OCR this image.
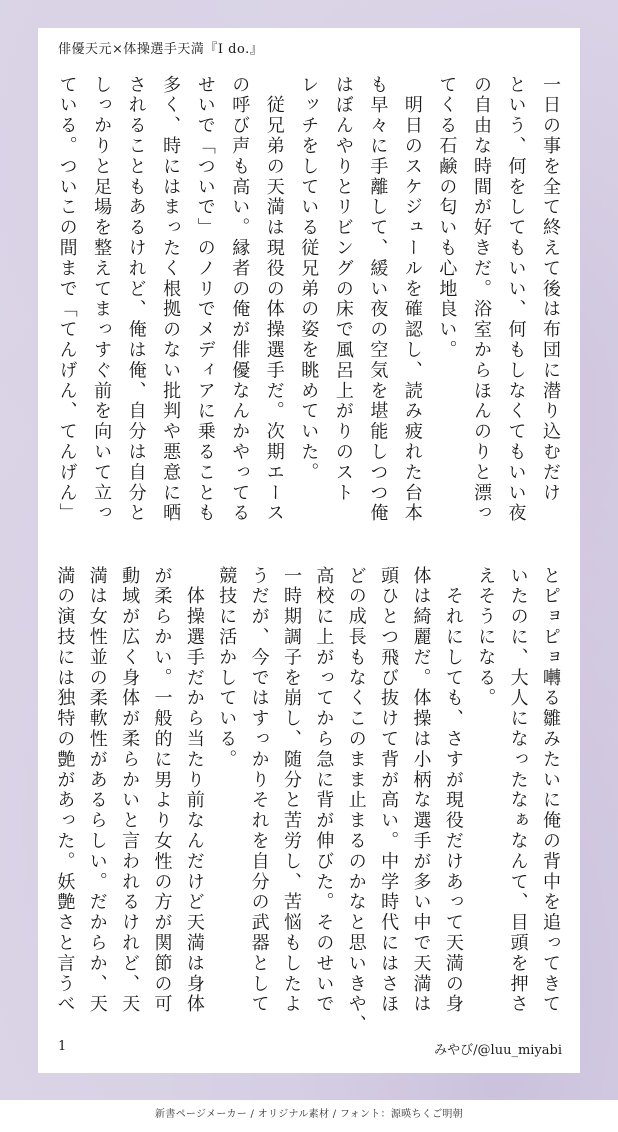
俳優天元×体操選手天満『I do.』
一日の事を全て終えて後は布団に潜り込むだけ
という、何をしてもいい、何もしなくてもいい夜
の自由な時間が好きだ。浴室からほんのりと漂っ
てくる石鹸の匂いも心地良い。
　明日のスケジュールを確認し、読み疲れた台本
も早々に手離して、緩い夜の空気を堪能しつつ俺
はぼんやりとリビングの床で風呂上がりのスト
レッチをしている従兄弟の姿を眺めていた。
　従兄弟の天満は現役の体操選手だ。次期エース
の呼び声も高い。縁者の俺が俳優なんかやってる
せいで「ついで」のノリでメディアに乗ることも
多く、時にはまったく根拠のない批判や悪意に晒
されることもあるけれど、俺は俺、自分は自分と
しっかりと足場を整えてまっすぐ前を向いて立っ
ている。ついこの間まで「てんげん、てんげん」
とピョピョ囀る雛みたいに俺の背中を追ってきて
いたのに、大人になったなぁなんて、目頭を押さ
えそうになる。
　それにしても、さすが現役だけあって天満の身
体は綺麗だ。体操は小柄な選手が多い中で天満は
頭ひとつ飛び抜けて背が高い。中学時代にはさほ
どの成長もなくこのまま止まるのかなと思いきや、
高校に上がってから急に背が伸びた。そのせいで
一時期調子を崩し、随分と苦労し、苦悩もしたよ
うだが、今ではすっかりそれを自分の武器として
競技に活かしている。
　体操選手だから当たり前なんだけど天満は身体
が柔らかい。一般的に男より女性の方が関節の可
動域が広く身体が柔らかいと言われるけれど、天
満は女性並の柔軟性があるらしい。だからか、天
満の演技には独特の艶があった。妖艶さと言うべ
1	みやび/@luu_miyabi
新書ページメーカー / オリジナル素材 / フォント：源暎ちくご明朝
